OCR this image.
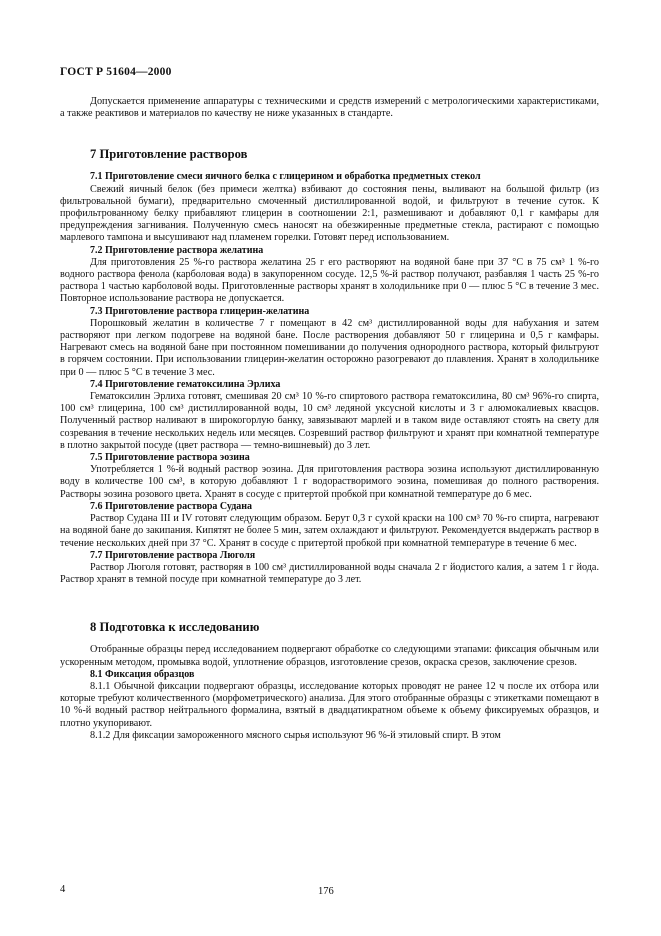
ГОСТ Р 51604—2000

Допускается применение аппаратуры с техническими и средств измерений с метрологическими характеристиками, а также реактивов и материалов по качеству не ниже указанных в стандарте.

7 Приготовление растворов

7.1 Приготовление смеси яичного белка с глицерином и обработка предметных стекол

Свежий яичный белок (без примеси желтка) взбивают до состояния пены, выливают на большой фильтр (из фильтровальной бумаги), предварительно смоченный дистиллированной водой, и фильтруют в течение суток. К профильтрованному белку прибавляют глицерин в соотношении 2:1, размешивают и добавляют 0,1 г камфары для предупреждения загнивания. Полученную смесь наносят на обезжиренные предметные стекла, растирают с помощью марлевого тампона и высушивают над пламенем горелки. Готовят перед использованием.

7.2 Приготовление раствора желатина

Для приготовления 25 %-го раствора желатина 25 г его растворяют на водяной бане при 37 °С в 75 см³ 1 %-го водного раствора фенола (карболовая вода) в закупоренном сосуде. 12,5 %-й раствор получают, разбавляя 1 часть 25 %-го раствора 1 частью карболовой воды. Приготовленные растворы хранят в холодильнике при 0 — плюс 5 °С в течение 3 мес. Повторное использование раствора не допускается.

7.3 Приготовление раствора глицерин-желатина

Порошковый желатин в количестве 7 г помещают в 42 см³ дистиллированной воды для набухания и затем растворяют при легком подогреве на водяной бане. После растворения добавляют 50 г глицерина и 0,5 г камфары. Нагревают смесь на водяной бане при постоянном помешивании до получения однородного раствора, который фильтруют в горячем состоянии. При использовании глицерин-желатин осторожно разогревают до плавления. Хранят в холодильнике при 0 — плюс 5 °С в течение 3 мес.

7.4 Приготовление гематоксилина Эрлиха

Гематоксилин Эрлиха готовят, смешивая 20 см³ 10 %-го спиртового раствора гематоксилина, 80 см³ 96%-го спирта, 100 см³ глицерина, 100 см³ дистиллированной воды, 10 см³ ледяной уксусной кислоты и 3 г алюмокалиевых квасцов. Полученный раствор наливают в широкогорлую банку, завязывают марлей и в таком виде оставляют стоять на свету для созревания в течение нескольких недель или месяцев. Созревший раствор фильтруют и хранят при комнатной температуре в плотно закрытой посуде (цвет раствора — темно-вишневый) до 3 лет.

7.5 Приготовление раствора эозина

Употребляется 1 %-й водный раствор эозина. Для приготовления раствора эозина используют дистиллированную воду в количестве 100 см³, в которую добавляют 1 г водорастворимого эозина, помешивая до полного растворения. Растворы эозина розового цвета. Хранят в сосуде с притертой пробкой при комнатной температуре до 6 мес.

7.6 Приготовление раствора Судана

Раствор Судана III и IV готовят следующим образом. Берут 0,3 г сухой краски на 100 см³ 70 %-го спирта, нагревают на водяной бане до закипания. Кипятят не более 5 мин, затем охлаждают и фильтруют. Рекомендуется выдержать раствор в течение нескольких дней при 37 °С. Хранят в сосуде с притертой пробкой при комнатной температуре в течение 6 мес.

7.7 Приготовление раствора Люголя

Раствор Люголя готовят, растворяя в 100 см³ дистиллированной воды сначала 2 г йодистого калия, а затем 1 г йода. Раствор хранят в темной посуде при комнатной температуре до 3 лет.

8 Подготовка к исследованию

Отобранные образцы перед исследованием подвергают обработке со следующими этапами: фиксация обычным или ускоренным методом, промывка водой, уплотнение образцов, изготовление срезов, окраска срезов, заключение срезов.

8.1 Фиксация образцов

8.1.1 Обычной фиксации подвергают образцы, исследование которых проводят не ранее 12 ч после их отбора или которые требуют количественного (морфометрического) анализа. Для этого отобранные образцы с этикетками помещают в 10 %-й водный раствор нейтрального формалина, взятый в двадцатикратном объеме к объему фиксируемых образцов, и плотно укупоривают.

8.1.2 Для фиксации замороженного мясного сырья используют 96 %-й этиловый спирт. В этом

4	176
